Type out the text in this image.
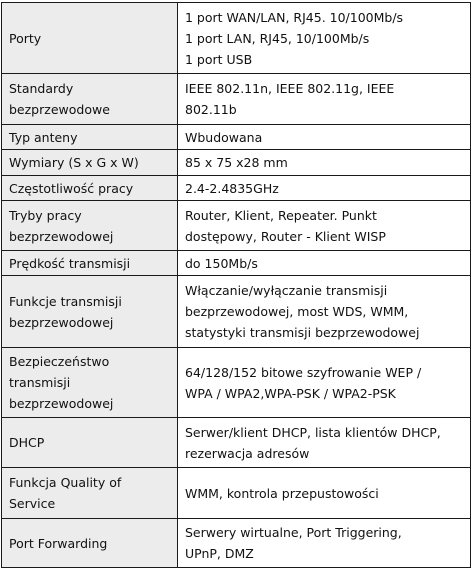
Porty	1 port WAN/LAN, RJ45. 10/100Mb/s
1 port LAN, RJ45, 10/100Mb/s
1 port USB

Standardy
bezprzewodowe	IEEE 802.11n, IEEE 802.11g, IEEE
802.11b

Typ anteny	Wbudowana

Wymiary (S x G x W)	85 x 75 x28 mm

Częstotliwość pracy	2.4-2.4835GHz

Tryby pracy
bezprzewodowej	Router, Klient, Repeater. Punkt
dostępowy, Router - Klient WISP

Prędkość transmisji	do 150Mb/s

Funkcje transmisji
bezprzewodowej	Włączanie/wyłączanie transmisji
bezprzewodowej, most WDS, WMM,
statystyki transmisji bezprzewodowej

Bezpieczeństwo
transmisji
bezprzewodowej	64/128/152 bitowe szyfrowanie WEP /
WPA / WPA2,WPA-PSK / WPA2-PSK

DHCP	Serwer/klient DHCP, lista klientów DHCP,
rezerwacja adresów

Funkcja Quality of
Service	WMM, kontrola przepustowości

Port Forwarding	Serwery wirtualne, Port Triggering,
UPnP, DMZ
